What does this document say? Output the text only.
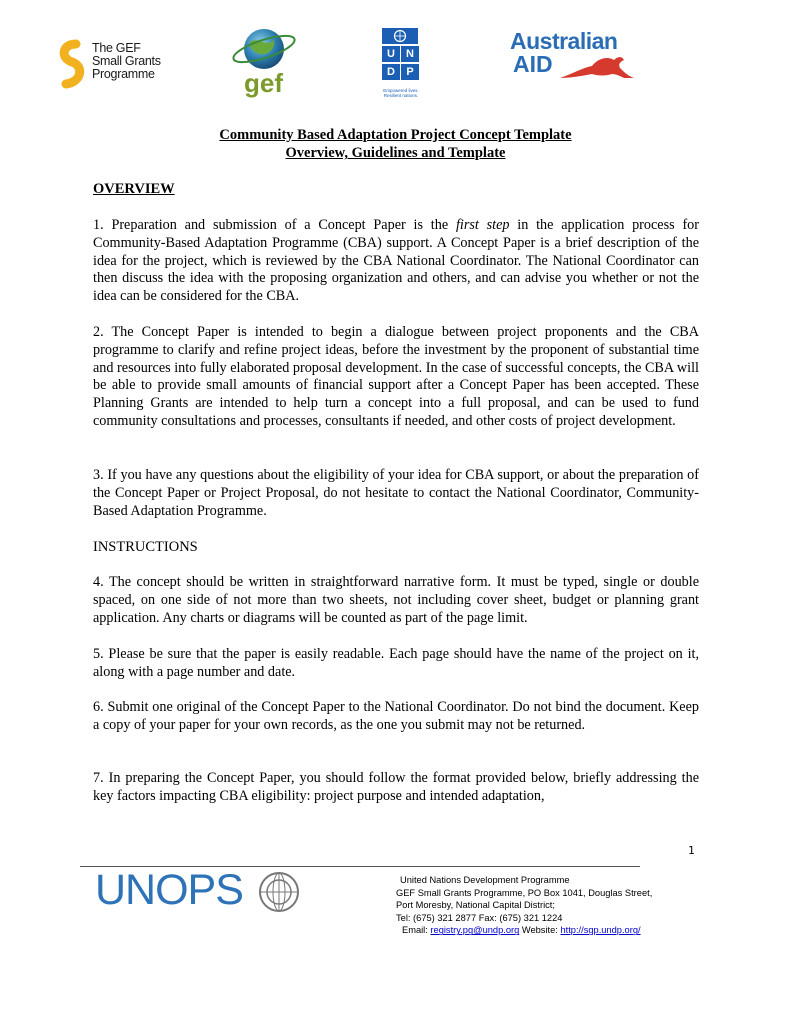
The GEF
Small Grants
Programme	gef
U	N
D	P
Empowered lives. Resilient nations.
Australian
AID
Community Based Adaptation Project Concept Template
Overview, Guidelines and Template
OVERVIEW
1. Preparation and submission of a Concept Paper is the first step in the application process for Community-Based Adaptation Programme (CBA) support. A Concept Paper is a brief description of the idea for the project, which is reviewed by the CBA National Coordinator. The National Coordinator can then discuss the idea with the proposing organization and others, and can advise you whether or not the idea can be considered for the CBA.
2. The Concept Paper is intended to begin a dialogue between project proponents and the CBA programme to clarify and refine project ideas, before the investment by the proponent of substantial time and resources into fully elaborated proposal development. In the case of successful concepts, the CBA will be able to provide small amounts of financial support after a Concept Paper has been accepted. These Planning Grants are intended to help turn a concept into a full proposal, and can be used to fund community consultations and processes, consultants if needed, and other costs of project development.
3. If you have any questions about the eligibility of your idea for CBA support, or about the preparation of the Concept Paper or Project Proposal, do not hesitate to contact the National Coordinator, Community-Based Adaptation Programme.
INSTRUCTIONS
4. The concept should be written in straightforward narrative form. It must be typed, single or double spaced, on one side of not more than two sheets, not including cover sheet, budget or planning grant application. Any charts or diagrams will be counted as part of the page limit.
5. Please be sure that the paper is easily readable. Each page should have the name of the project on it, along with a page number and date.
6. Submit one original of the Concept Paper to the National Coordinator. Do not bind the document. Keep a copy of your paper for your own records, as the one you submit may not be returned.
7. In preparing the Concept Paper, you should follow the format provided below, briefly addressing the key factors impacting CBA eligibility: project purpose and intended adaptation,
1
UNOPS	United Nations Development Programme
GEF Small Grants Programme, PO Box 1041, Douglas Street,
Port Moresby, National Capital District;
Tel: (675) 321 2877 Fax: (675) 321 1224
Email: registry.pg@undp.org Website: http://sgp.undp.org/
